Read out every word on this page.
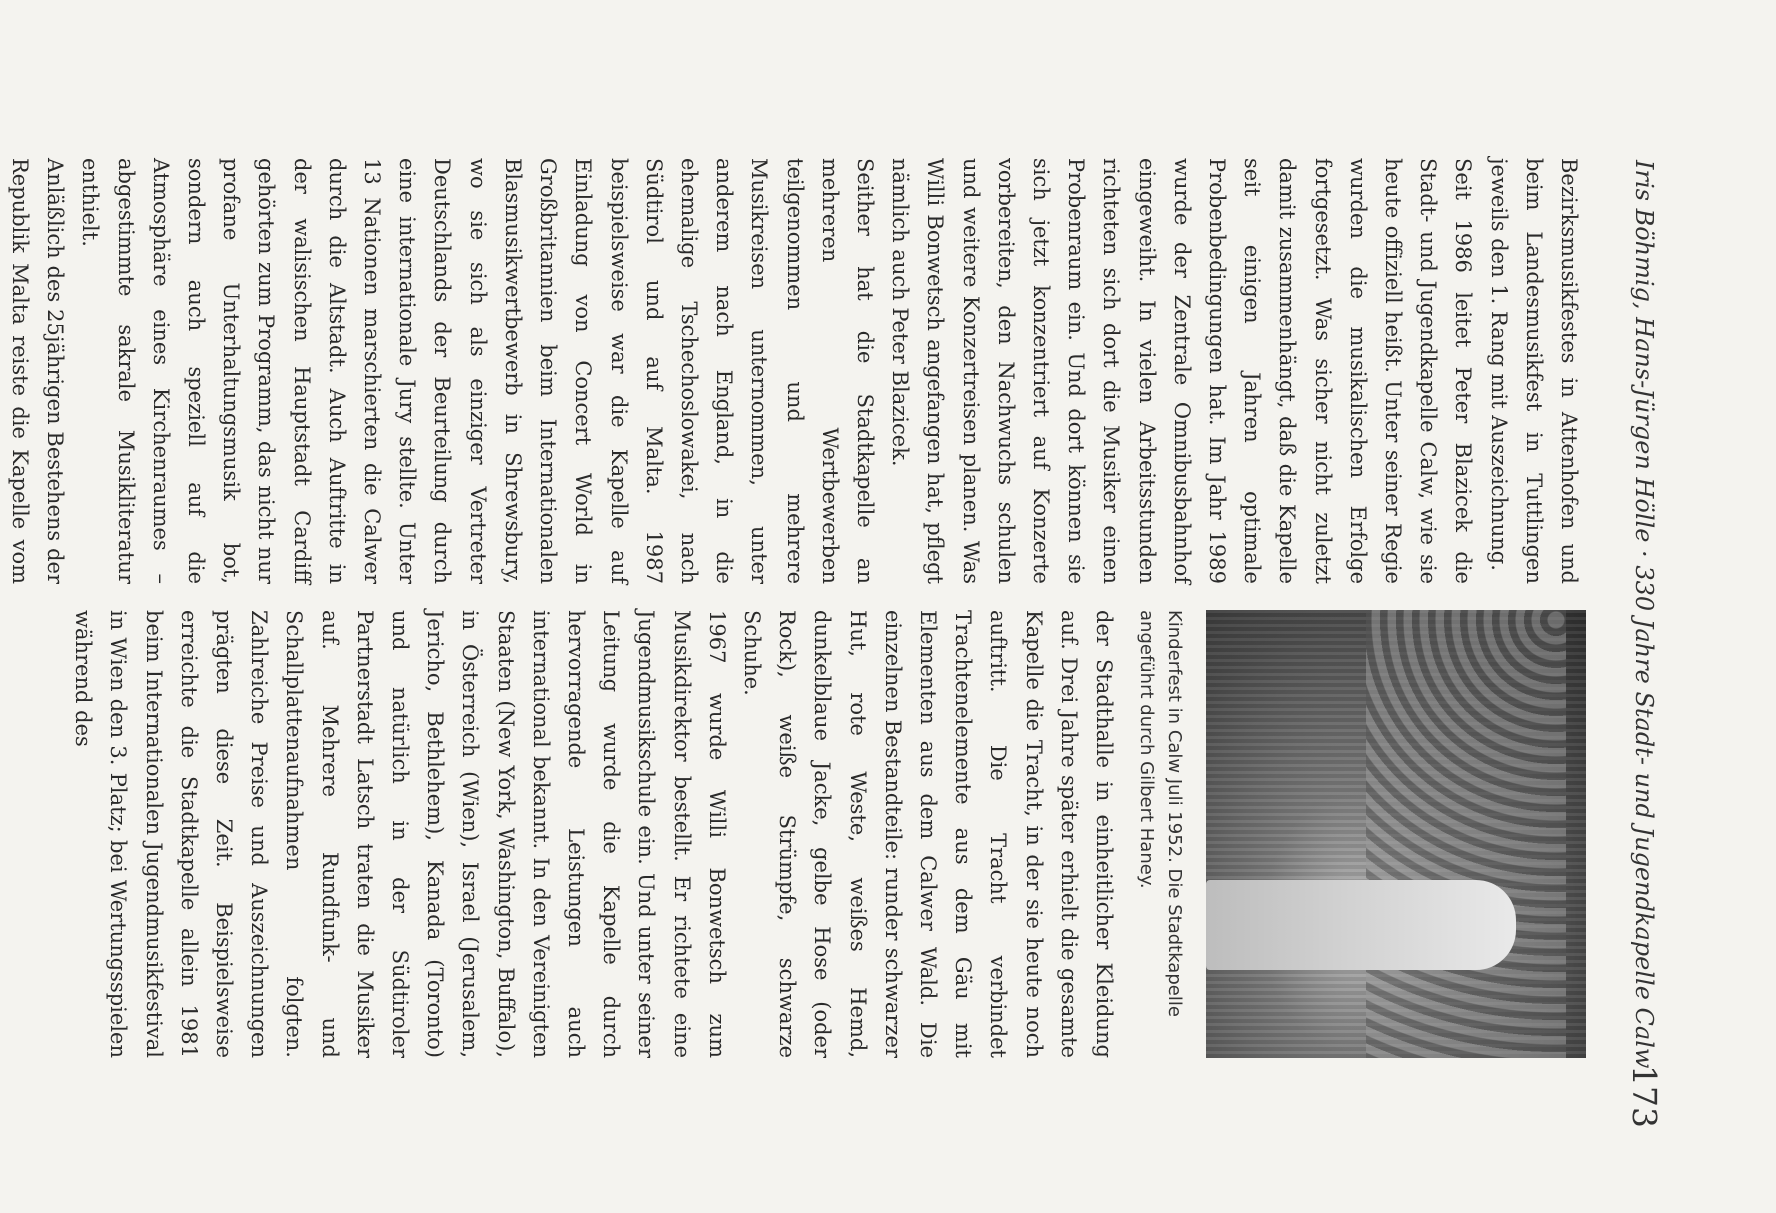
Iris Böhmig, Hans-Jürgen Hölle · 330 Jahre Stadt- und Jugendkapelle Calw
173

Bezirksmusikfestes in Attenhofen und beim Landesmusikfest in Tuttlingen jeweils den 1. Rang mit Auszeichnung.

Seit 1986 leitet Peter Blazicek die Stadt- und Jugendkapelle Calw, wie sie heute offiziell heißt. Unter seiner Regie wurden die musikalischen Erfolge fortgesetzt. Was sicher nicht zuletzt damit zusammenhängt, daß die Kapelle seit einigen Jahren optimale Probenbedingungen hat. Im Jahr 1989 wurde der Zentrale Omnibusbahnhof eingeweiht. In vielen Arbeitsstunden richteten sich dort die Musiker einen Probenraum ein. Und dort können sie sich jetzt konzentriert auf Konzerte vorbereiten, den Nachwuchs schulen und weitere Konzertreisen planen. Was Willi Bonwetsch angefangen hat, pflegt nämlich auch Peter Blazicek.

Seither hat die Stadtkapelle an mehreren Wertbewerben teilgenommen und mehrere Musikreisen unternommen, unter anderem nach England, in die ehemalige Tschechoslowakei, nach Südtirol und auf Malta. 1987 beispielsweise war die Kapelle auf Einladung von Concert World in Großbritannien beim Internationalen Blasmusikwertbewerb in Shrewsbury, wo sie sich als einziger Vertreter Deutschlands der Beurteilung durch eine internationale Jury stellte. Unter 13 Nationen marschierten die Calwer durch die Altstadt. Auch Auftritte in der walisischen Hauptstadt Cardiff gehörten zum Programm, das nicht nur profane Unterhaltungsmusik bot, sondern auch speziell auf die Atmosphäre eines Kirchenraumes – abgestimmte sakrale Musikliteratur enthielt.

Anläßlich des 25jährigen Bestehens der Republik Malta reiste die Kapelle vom

Kinderfest in Calw Juli 1952. Die Stadtkapelle angeführt durch Gilbert Haney.

der Stadthalle in einheitlicher Kleidung auf. Drei Jahre später erhielt die gesamte Kapelle die Tracht, in der sie heute noch auftritt. Die Tracht verbindet Trachtenelemente aus dem Gäu mit Elementen aus dem Calwer Wald. Die einzelnen Bestandteile: runder schwarzer Hut, rote Weste, weißes Hemd, dunkelblaue Jacke, gelbe Hose (oder Rock), weiße Strümpfe, schwarze Schuhe.

1967 wurde Willi Bonwetsch zum Musikdirektor bestellt. Er richtete eine Jugendmusikschule ein. Und unter seiner Leitung wurde die Kapelle durch hervorragende Leistungen auch international bekannt. In den Vereinigten Staaten (New York, Washington, Buffalo), in Österreich (Wien), Israel (Jerusalem, Jericho, Bethlehem), Kanada (Toronto) und natürlich in der Südtiroler Partnerstadt Latsch traten die Musiker auf. Mehrere Rundfunk- und Schallplattenaufnahmen folgten. Zahlreiche Preise und Auszeichnungen prägten diese Zeit. Beispielsweise erreichte die Stadtkapelle allein 1981 beim Internationalen Jugendmusikfestival in Wien den 3. Platz; bei Wertungsspielen während des
